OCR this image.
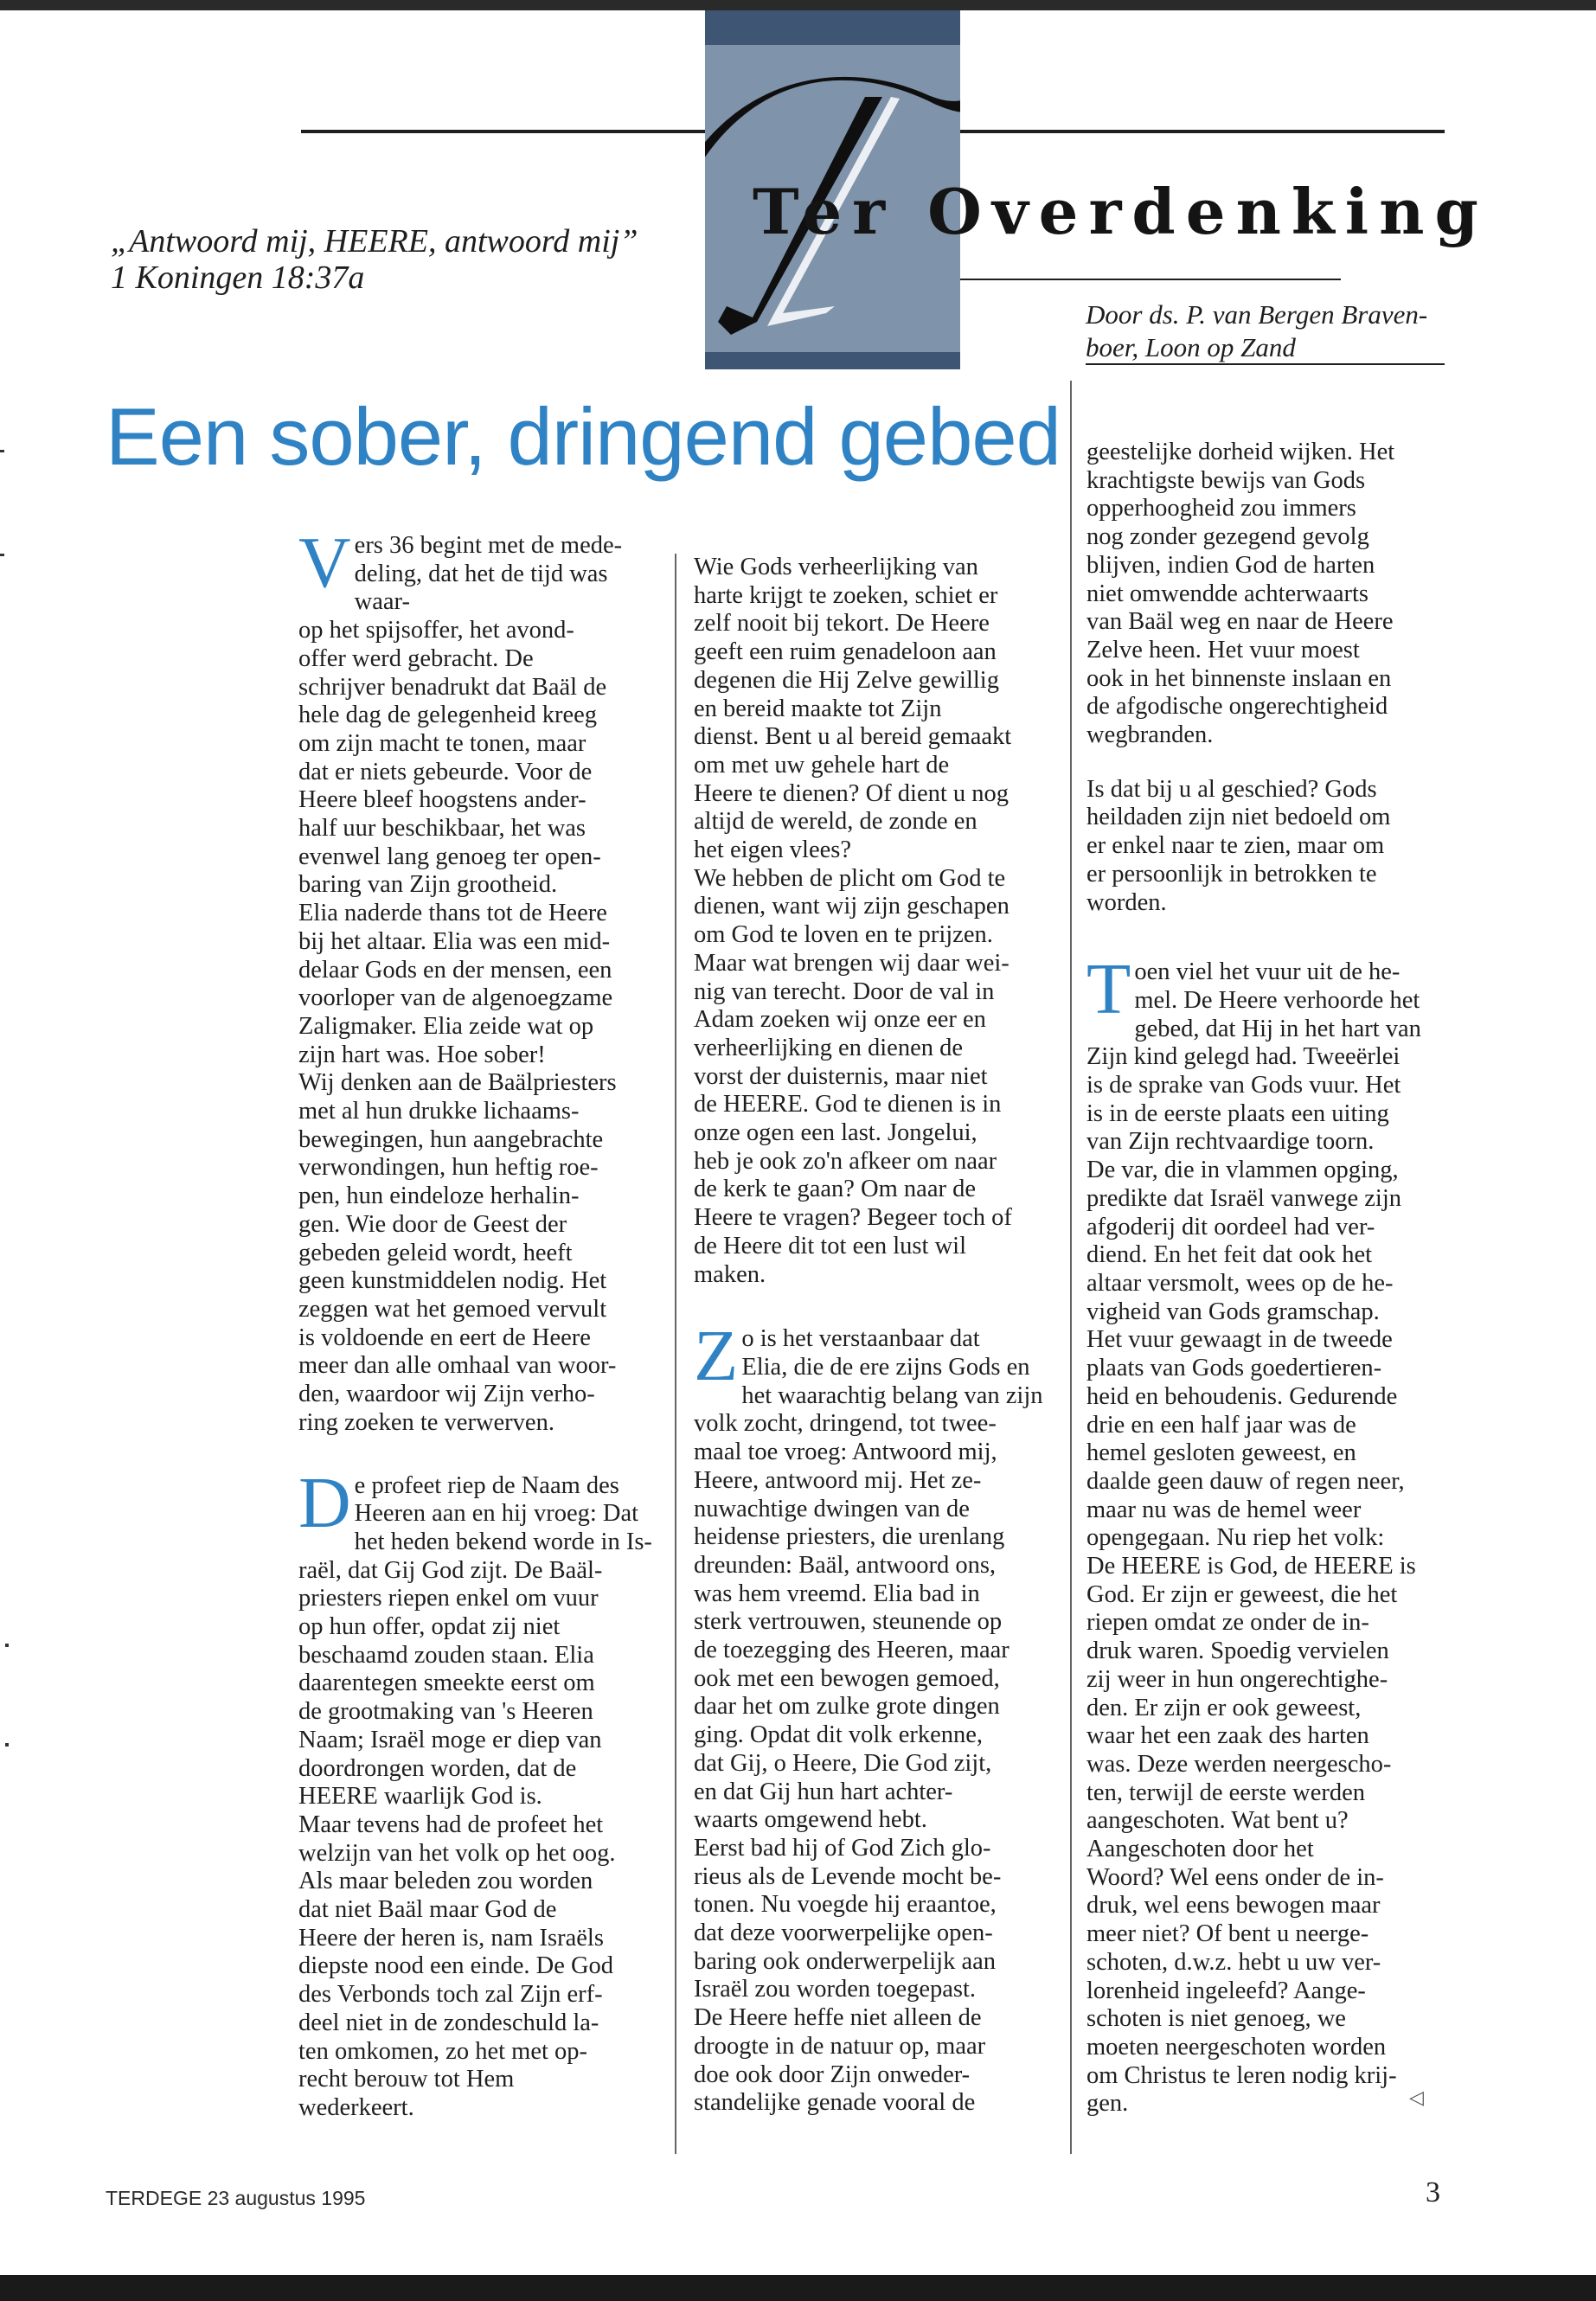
Ter Overdenking
„Antwoord mij, HEERE, antwoord mij”
1 Koningen 18:37a
Door ds. P. van Bergen Braven-
boer, Loon op Zand
Een sober, dringend gebed
V ers 36 begint met de mede-
deling, dat het de tijd was waar-
op het spijsoffer, het avond-
offer werd gebracht. De
schrijver benadrukt dat Baäl de
hele dag de gelegenheid kreeg
om zijn macht te tonen, maar
dat er niets gebeurde. Voor de
Heere bleef hoogstens ander-
half uur beschikbaar, het was
evenwel lang genoeg ter open-
baring van Zijn grootheid.
Elia naderde thans tot de Heere
bij het altaar. Elia was een mid-
delaar Gods en der mensen, een
voorloper van de algenoegzame
Zaligmaker. Elia zeide wat op
zijn hart was. Hoe sober!
Wij denken aan de Baälpriesters
met al hun drukke lichaams-
bewegingen, hun aangebrachte
verwondingen, hun heftig roe-
pen, hun eindeloze herhalin-
gen. Wie door de Geest der
gebeden geleid wordt, heeft
geen kunstmiddelen nodig. Het
zeggen wat het gemoed vervult
is voldoende en eert de Heere
meer dan alle omhaal van woor-
den, waardoor wij Zijn verho-
ring zoeken te verwerven.
D e profeet riep de Naam des
Heeren aan en hij vroeg: Dat
het heden bekend worde in Is-
raël, dat Gij God zijt. De Baäl-
priesters riepen enkel om vuur
op hun offer, opdat zij niet
beschaamd zouden staan. Elia
daarentegen smeekte eerst om
de grootmaking van 's Heeren
Naam; Israël moge er diep van
doordrongen worden, dat de
HEERE waarlijk God is.
Maar tevens had de profeet het
welzijn van het volk op het oog.
Als maar beleden zou worden
dat niet Baäl maar God de
Heere der heren is, nam Israëls
diepste nood een einde. De God
des Verbonds toch zal Zijn erf-
deel niet in de zondeschuld la-
ten omkomen, zo het met op-
recht berouw tot Hem
wederkeert.
Wie Gods verheerlijking van
harte krijgt te zoeken, schiet er
zelf nooit bij tekort. De Heere
geeft een ruim genadeloon aan
degenen die Hij Zelve gewillig
en bereid maakte tot Zijn
dienst. Bent u al bereid gemaakt
om met uw gehele hart de
Heere te dienen? Of dient u nog
altijd de wereld, de zonde en
het eigen vlees?
We hebben de plicht om God te
dienen, want wij zijn geschapen
om God te loven en te prijzen.
Maar wat brengen wij daar wei-
nig van terecht. Door de val in
Adam zoeken wij onze eer en
verheerlijking en dienen de
vorst der duisternis, maar niet
de HEERE. God te dienen is in
onze ogen een last. Jongelui,
heb je ook zo'n afkeer om naar
de kerk te gaan? Om naar de
Heere te vragen? Begeer toch of
de Heere dit tot een lust wil
maken.
Z o is het verstaanbaar dat
Elia, die de ere zijns Gods en
het waarachtig belang van zijn
volk zocht, dringend, tot twee-
maal toe vroeg: Antwoord mij,
Heere, antwoord mij. Het ze-
nuwachtige dwingen van de
heidense priesters, die urenlang
dreunden: Baäl, antwoord ons,
was hem vreemd. Elia bad in
sterk vertrouwen, steunende op
de toezegging des Heeren, maar
ook met een bewogen gemoed,
daar het om zulke grote dingen
ging. Opdat dit volk erkenne,
dat Gij, o Heere, Die God zijt,
en dat Gij hun hart achter-
waarts omgewend hebt.
Eerst bad hij of God Zich glo-
rieus als de Levende mocht be-
tonen. Nu voegde hij eraantoe,
dat deze voorwerpelijke open-
baring ook onderwerpelijk aan
Israël zou worden toegepast.
De Heere heffe niet alleen de
droogte in de natuur op, maar
doe ook door Zijn onweder-
standelijke genade vooral de
geestelijke dorheid wijken. Het
krachtigste bewijs van Gods
opperhoogheid zou immers
nog zonder gezegend gevolg
blijven, indien God de harten
niet omwendde achterwaarts
van Baäl weg en naar de Heere
Zelve heen. Het vuur moest
ook in het binnenste inslaan en
de afgodische ongerechtigheid
wegbranden.
Is dat bij u al geschied? Gods
heildaden zijn niet bedoeld om
er enkel naar te zien, maar om
er persoonlijk in betrokken te
worden.
T oen viel het vuur uit de he-
mel. De Heere verhoorde het
gebed, dat Hij in het hart van
Zijn kind gelegd had. Tweeërlei
is de sprake van Gods vuur. Het
is in de eerste plaats een uiting
van Zijn rechtvaardige toorn.
De var, die in vlammen opging,
predikte dat Israël vanwege zijn
afgoderij dit oordeel had ver-
diend. En het feit dat ook het
altaar versmolt, wees op de he-
vigheid van Gods gramschap.
Het vuur gewaagt in de tweede
plaats van Gods goedertieren-
heid en behoudenis. Gedurende
drie en een half jaar was de
hemel gesloten geweest, en
daalde geen dauw of regen neer,
maar nu was de hemel weer
opengegaan. Nu riep het volk:
De HEERE is God, de HEERE is
God. Er zijn er geweest, die het
riepen omdat ze onder de in-
druk waren. Spoedig vervielen
zij weer in hun ongerechtighe-
den. Er zijn er ook geweest,
waar het een zaak des harten
was. Deze werden neergescho-
ten, terwijl de eerste werden
aangeschoten. Wat bent u?
Aangeschoten door het
Woord? Wel eens onder de in-
druk, wel eens bewogen maar
meer niet? Of bent u neerge-
schoten, d.w.z. hebt u uw ver-
lorenheid ingeleefd? Aange-
schoten is niet genoeg, we
moeten neergeschoten worden
om Christus te leren nodig krij-
gen.	◁
TERDEGE 23 augustus 1995	3
